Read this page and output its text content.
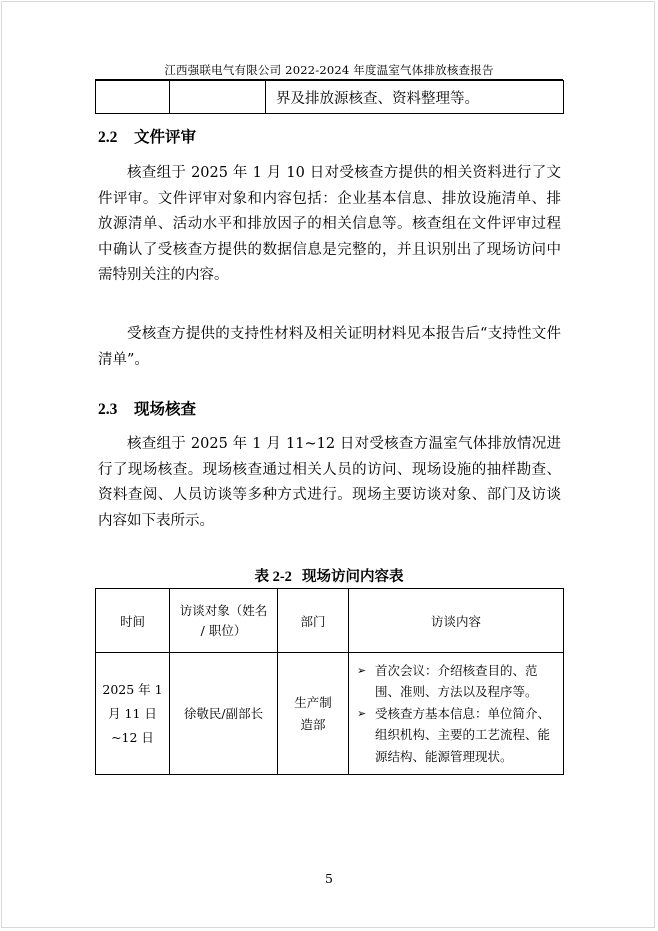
江西强联电气有限公司 2022-2024 年度温室气体排放核查报告
		界及排放源核查、资料整理等。
2.2 文件评审

核查组于 2025 年 1 月 10 日对受核查方提供的相关资料进行了文件评审。文件评审对象和内容包括：企业基本信息、排放设施清单、排放源清单、活动水平和排放因子的相关信息等。核查组在文件评审过程中确认了受核查方提供的数据信息是完整的，并且识别出了现场访问中需特别关注的内容。

受核查方提供的支持性材料及相关证明材料见本报告后“支持性文件清单”。

2.3 现场核查

核查组于 2025 年 1 月 11~12 日对受核查方温室气体排放情况进行了现场核查。现场核查通过相关人员的访问、现场设施的抽样勘查、资料查阅、人员访谈等多种方式进行。现场主要访谈对象、部门及访谈内容如下表所示。

表 2-2 现场访问内容表
时间	访谈对象（姓名 / 职位）	部门	访谈内容
2025 年 1 月 11 日~12 日	徐敬民/副部长	生产制造部	➢ 首次会议：介绍核查目的、范围、准则、方法以及程序等。
➢ 受核查方基本信息：单位简介、组织机构、主要的工艺流程、能源结构、能源管理现状。
5
